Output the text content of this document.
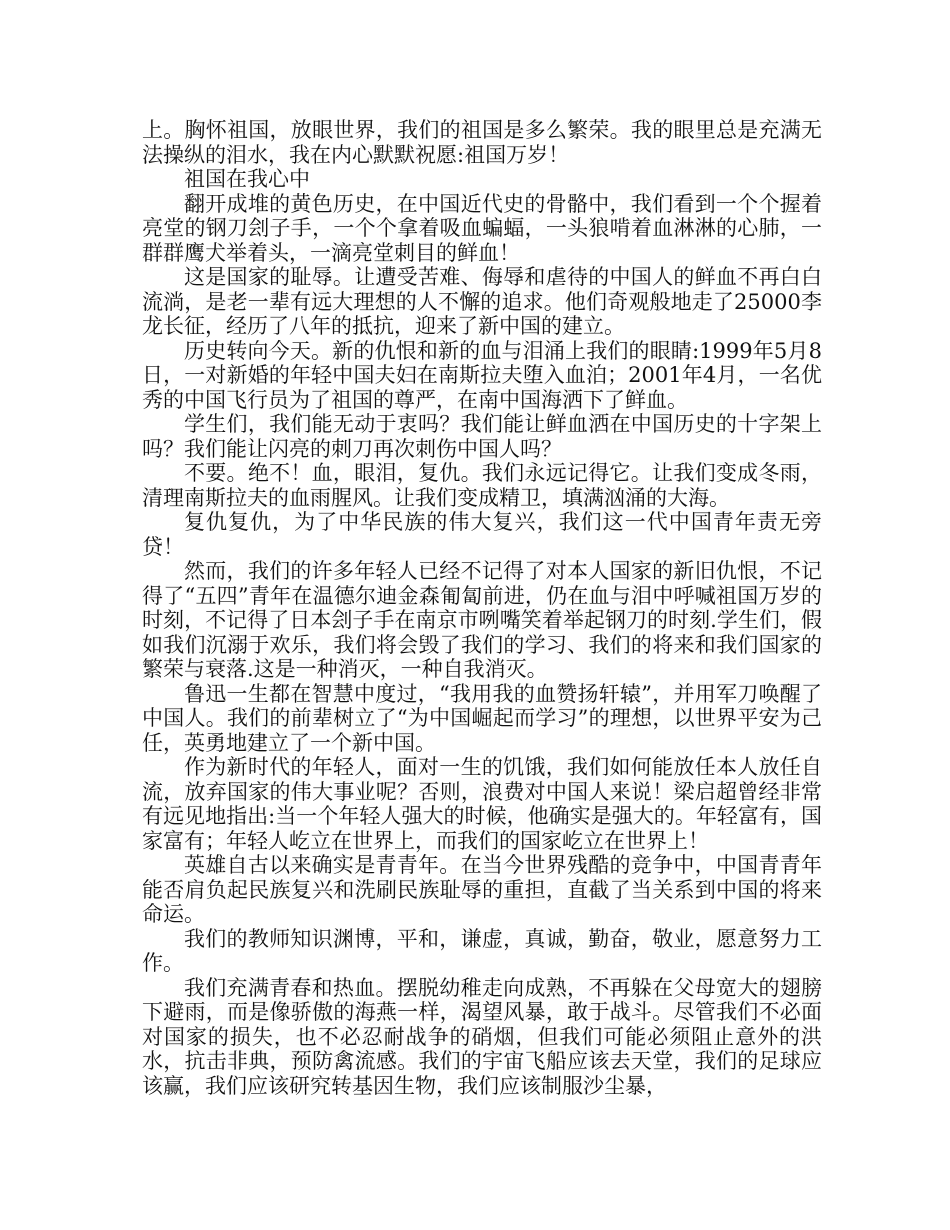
上。胸怀祖国，放眼世界，我们的祖国是多么繁荣。我的眼里总是充满无法操纵的泪水，我在内心默默祝愿:祖国万岁！

祖国在我心中

翻开成堆的黄色历史，在中国近代史的骨骼中，我们看到一个个握着亮堂的钢刀刽子手，一个个拿着吸血蝙蝠，一头狼啃着血淋淋的心肺，一群群鹰犬举着头，一滴亮堂刺目的鲜血！

这是国家的耻辱。让遭受苦难、侮辱和虐待的中国人的鲜血不再白白流淌，是老一辈有远大理想的人不懈的追求。他们奇观般地走了25000李龙长征，经历了八年的抵抗，迎来了新中国的建立。

历史转向今天。新的仇恨和新的血与泪涌上我们的眼睛:1999年5月8日，一对新婚的年轻中国夫妇在南斯拉夫堕入血泊；2001年4月，一名优秀的中国飞行员为了祖国的尊严，在南中国海洒下了鲜血。

学生们，我们能无动于衷吗？我们能让鲜血洒在中国历史的十字架上吗？我们能让闪亮的刺刀再次刺伤中国人吗？

不要。绝不！血，眼泪，复仇。我们永远记得它。让我们变成冬雨，清理南斯拉夫的血雨腥风。让我们变成精卫，填满汹涌的大海。

复仇复仇，为了中华民族的伟大复兴，我们这一代中国青年责无旁贷！

然而，我们的许多年轻人已经不记得了对本人国家的新旧仇恨，不记得了“五四”青年在温德尔迪金森匍匐前进，仍在血与泪中呼喊祖国万岁的时刻，不记得了日本刽子手在南京市咧嘴笑着举起钢刀的时刻.学生们，假如我们沉溺于欢乐，我们将会毁了我们的学习、我们的将来和我们国家的繁荣与衰落.这是一种消灭，一种自我消灭。

鲁迅一生都在智慧中度过，“我用我的血赞扬轩辕”，并用军刀唤醒了中国人。我们的前辈树立了“为中国崛起而学习”的理想，以世界平安为己任，英勇地建立了一个新中国。

作为新时代的年轻人，面对一生的饥饿，我们如何能放任本人放任自流，放弃国家的伟大事业呢？否则，浪费对中国人来说！梁启超曾经非常有远见地指出:当一个年轻人强大的时候，他确实是强大的。年轻富有，国家富有；年轻人屹立在世界上，而我们的国家屹立在世界上！

英雄自古以来确实是青青年。在当今世界残酷的竞争中，中国青青年能否肩负起民族复兴和洗刷民族耻辱的重担，直截了当关系到中国的将来命运。

我们的教师知识渊博，平和，谦虚，真诚，勤奋，敬业，愿意努力工作。

我们充满青春和热血。摆脱幼稚走向成熟，不再躲在父母宽大的翅膀下避雨，而是像骄傲的海燕一样，渴望风暴，敢于战斗。尽管我们不必面对国家的损失，也不必忍耐战争的硝烟，但我们可能必须阻止意外的洪水，抗击非典，预防禽流感。我们的宇宙飞船应该去天堂，我们的足球应该赢，我们应该研究转基因生物，我们应该制服沙尘暴，
